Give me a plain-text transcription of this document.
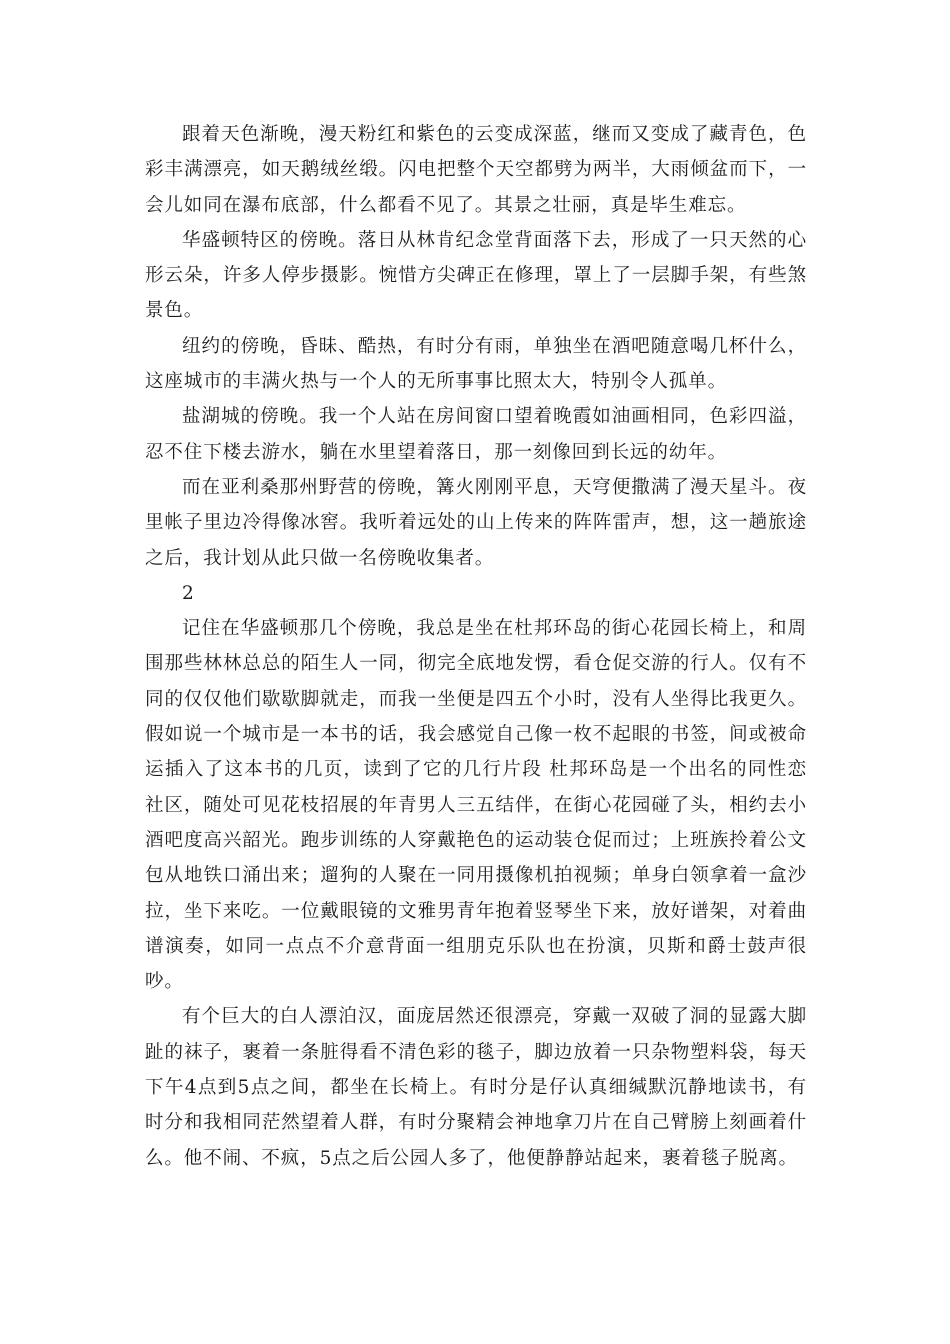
跟着天色渐晚，漫天粉红和紫色的云变成深蓝，继而又变成了藏青色，色彩丰满漂亮，如天鹅绒丝缎。闪电把整个天空都劈为两半，大雨倾盆而下，一会儿如同在瀑布底部，什么都看不见了。其景之壮丽，真是毕生难忘。

华盛顿特区的傍晚。落日从林肯纪念堂背面落下去，形成了一只天然的心形云朵，许多人停步摄影。惋惜方尖碑正在修理，罩上了一层脚手架，有些煞景色。

纽约的傍晚，昏昧、酷热，有时分有雨，单独坐在酒吧随意喝几杯什么，这座城市的丰满火热与一个人的无所事事比照太大，特别令人孤单。

盐湖城的傍晚。我一个人站在房间窗口望着晚霞如油画相同，色彩四溢，忍不住下楼去游水，躺在水里望着落日，那一刻像回到长远的幼年。

而在亚利桑那州野营的傍晚，篝火刚刚平息，天穹便撒满了漫天星斗。夜里帐子里边冷得像冰窖。我听着远处的山上传来的阵阵雷声，想，这一趟旅途之后，我计划从此只做一名傍晚收集者。

2

记住在华盛顿那几个傍晚，我总是坐在杜邦环岛的街心花园长椅上，和周围那些林林总总的陌生人一同，彻完全底地发愣，看仓促交游的行人。仅有不同的仅仅他们歇歇脚就走，而我一坐便是四五个小时，没有人坐得比我更久。假如说一个城市是一本书的话，我会感觉自己像一枚不起眼的书签，间或被命运插入了这本书的几页，读到了它的几行片段 杜邦环岛是一个出名的同性恋社区，随处可见花枝招展的年青男人三五结伴，在街心花园碰了头，相约去小酒吧度高兴韶光。跑步训练的人穿戴艳色的运动装仓促而过；上班族拎着公文包从地铁口涌出来；遛狗的人聚在一同用摄像机拍视频；单身白领拿着一盒沙拉，坐下来吃。一位戴眼镜的文雅男青年抱着竖琴坐下来，放好谱架，对着曲谱演奏，如同一点点不介意背面一组朋克乐队也在扮演，贝斯和爵士鼓声很吵。

有个巨大的白人漂泊汉，面庞居然还很漂亮，穿戴一双破了洞的显露大脚趾的袜子，裹着一条脏得看不清色彩的毯子，脚边放着一只杂物塑料袋，每天下午4点到5点之间，都坐在长椅上。有时分是仔认真细缄默沉静地读书，有时分和我相同茫然望着人群，有时分聚精会神地拿刀片在自己臂膀上刻画着什么。他不闹、不疯，5点之后公园人多了，他便静静站起来，裹着毯子脱离。
